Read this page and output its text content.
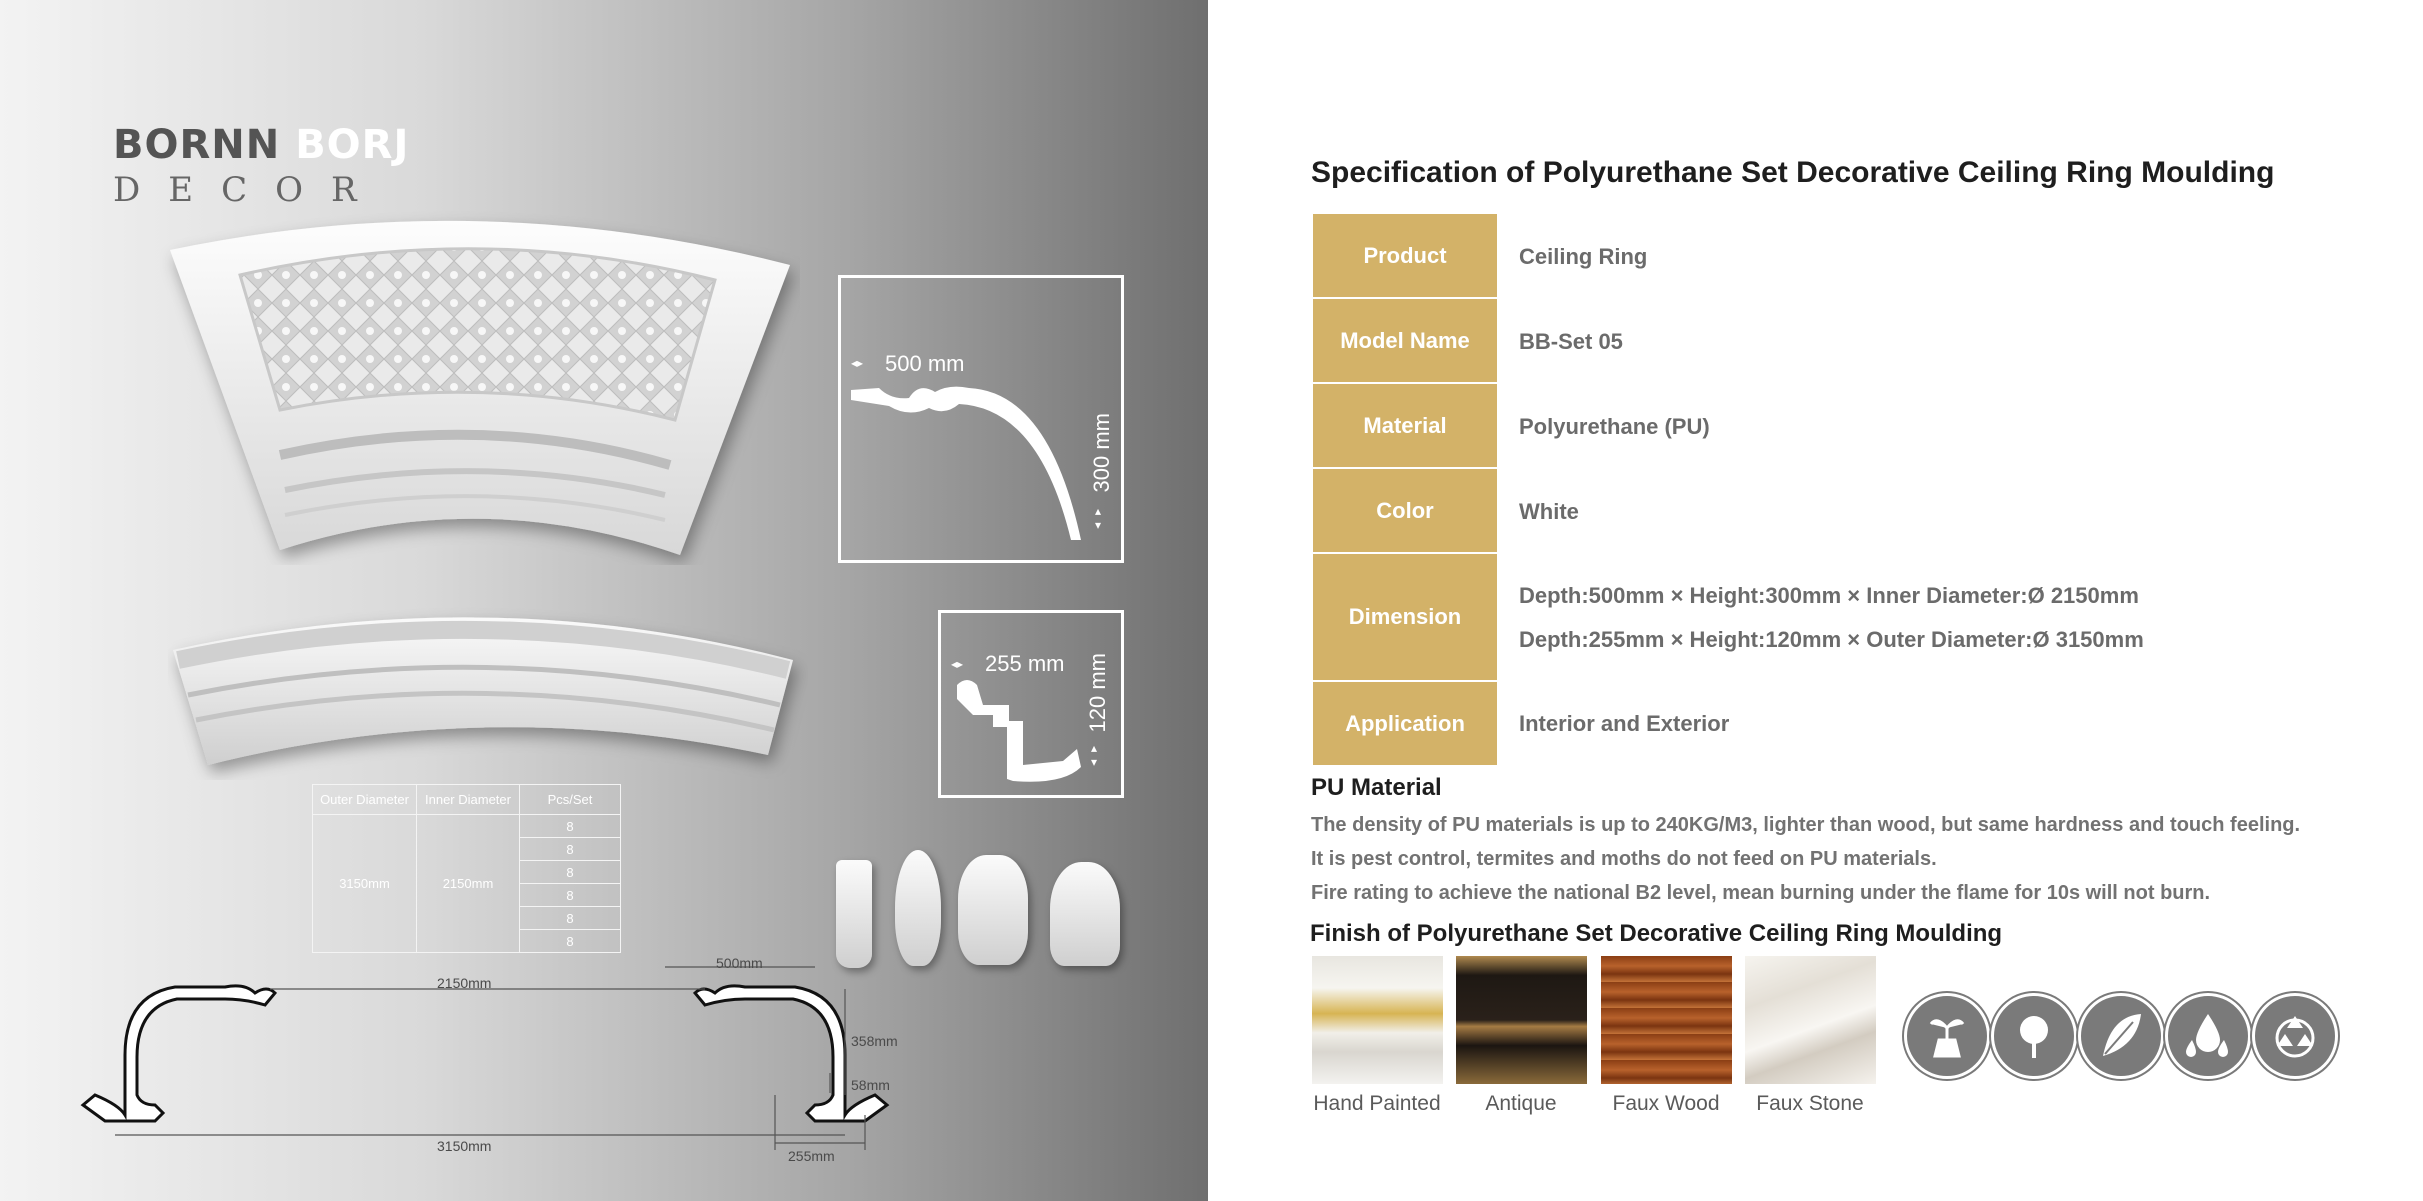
BORNN BORJ
DECOR
◂▸ 500 mm
300 mm
▴▾
◂▸ 255 mm 120 mm
▴▾
Outer Diameter	Inner Diameter	Pcs/Set
3150mm	2150mm	8
		8
		8
		8
		8
		8
2150mm
500mm
358mm
58mm
3150mm
255mm
Specification of Polyurethane Set Decorative Ceiling Ring Moulding
Product	Ceiling Ring
Model Name	BB-Set 05
Material	Polyurethane (PU)
Color	White
Dimension	Depth:500mm × Height:300mm × Inner Diameter:Ø 2150mm
Depth:255mm × Height:120mm × Outer Diameter:Ø 3150mm

Application	Interior and Exterior
PU Material
The density of PU materials is up to 240KG/M3, lighter than wood, but same hardness and touch feeling.
It is pest control, termites and moths do not feed on PU materials.
Fire rating to achieve the national B2 level, mean burning under the flame for 10s will not burn.
Finish of Polyurethane Set Decorative Ceiling Ring Moulding
Hand Painted	Antique	Faux Wood	Faux Stone
